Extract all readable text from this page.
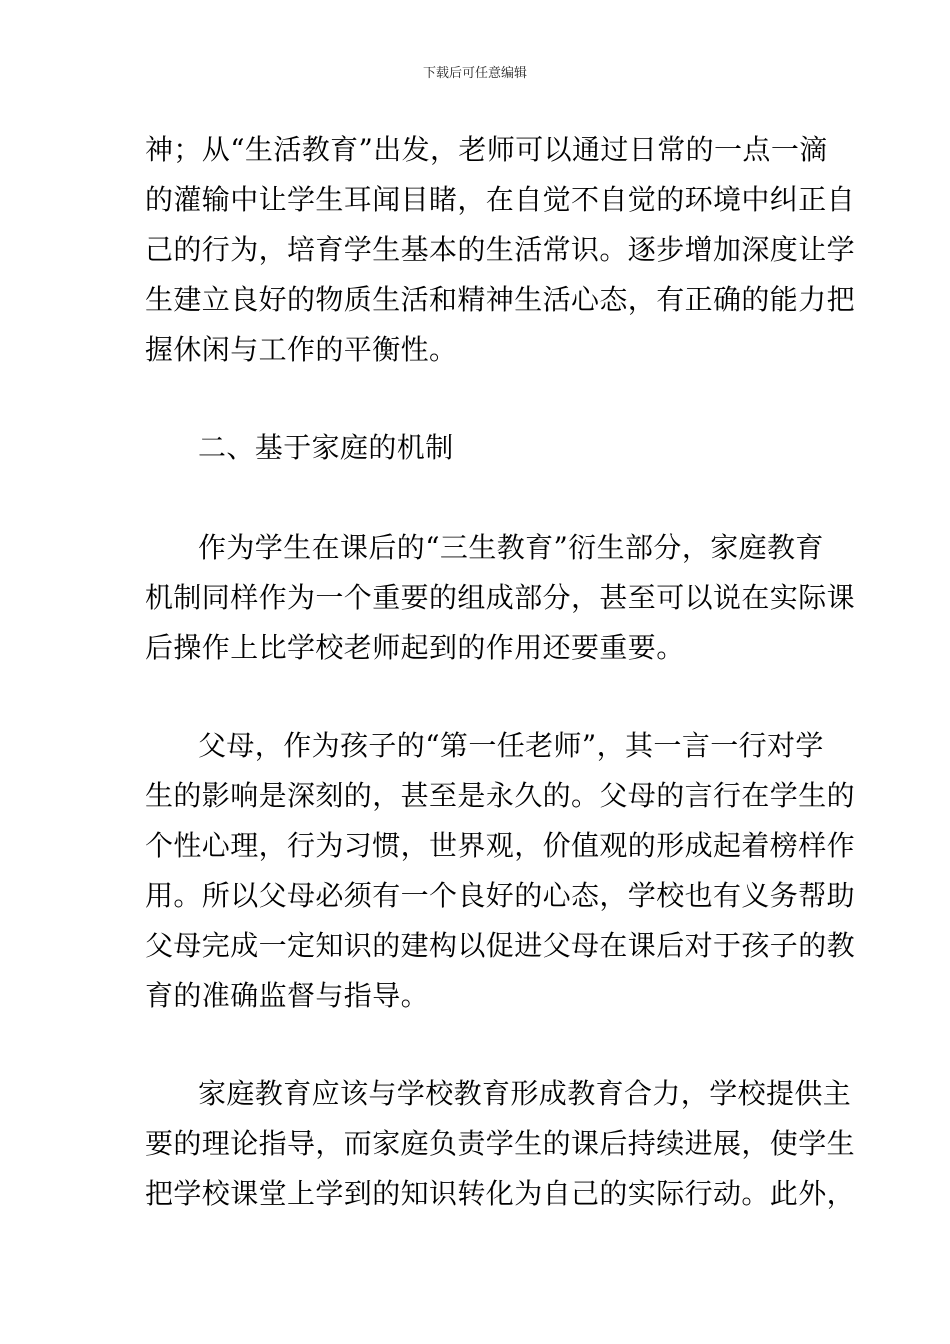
下载后可任意编辑
神；从“生活教育”出发，老师可以通过日常的一点一滴
的灌输中让学生耳闻目睹，在自觉不自觉的环境中纠正自
己的行为，培育学生基本的生活常识。逐步增加深度让学
生建立良好的物质生活和精神生活心态，有正确的能力把
握休闲与工作的平衡性。
二、基于家庭的机制
作为学生在课后的“三生教育”衍生部分，家庭教育
机制同样作为一个重要的组成部分，甚至可以说在实际课
后操作上比学校老师起到的作用还要重要。
父母，作为孩子的“第一任老师”，其一言一行对学
生的影响是深刻的，甚至是永久的。父母的言行在学生的
个性心理，行为习惯，世界观，价值观的形成起着榜样作
用。所以父母必须有一个良好的心态，学校也有义务帮助
父母完成一定知识的建构以促进父母在课后对于孩子的教
育的准确监督与指导。
家庭教育应该与学校教育形成教育合力，学校提供主
要的理论指导，而家庭负责学生的课后持续进展，使学生
把学校课堂上学到的知识转化为自己的实际行动。此外，
